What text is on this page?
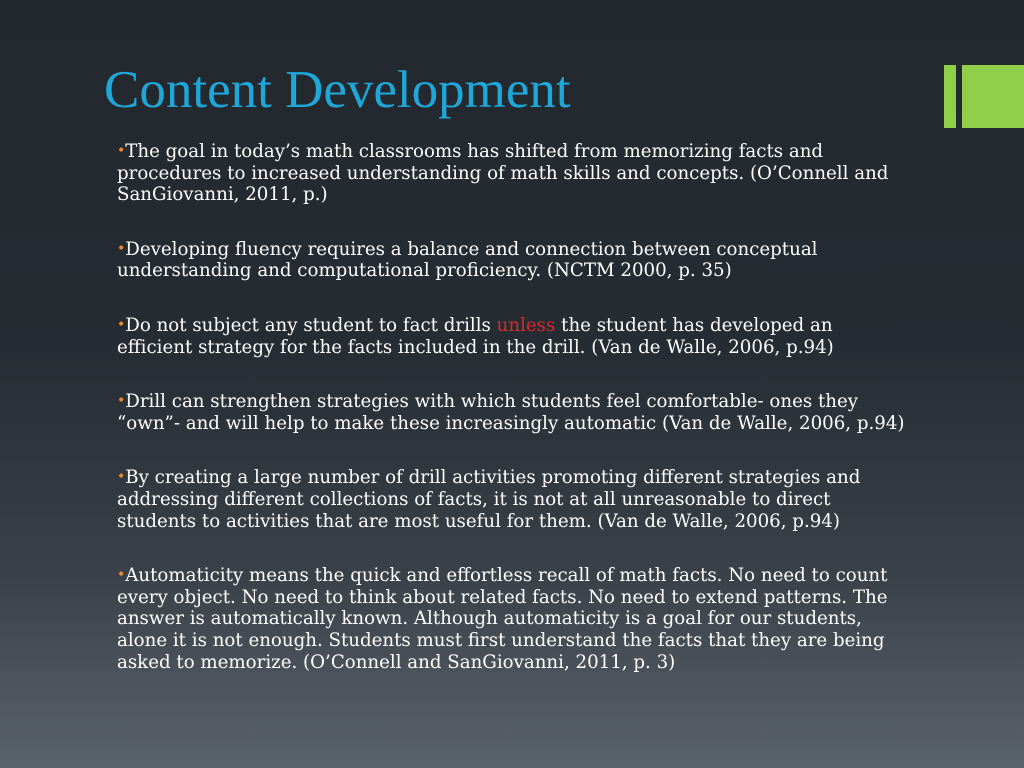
Content Development
•The goal in today’s math classrooms has shifted from memorizing facts and procedures to increased understanding of math skills and concepts. (O’Connell and SanGiovanni, 2011, p.)
•Developing fluency requires a balance and connection between conceptual understanding and computational proficiency. (NCTM 2000, p. 35)
•Do not subject any student to fact drills unless the student has developed an efficient strategy for the facts included in the drill. (Van de Walle, 2006, p.94)
•Drill can strengthen strategies with which students feel comfortable- ones they “own”- and will help to make these increasingly automatic (Van de Walle, 2006, p.94)
•By creating a large number of drill activities promoting different strategies and addressing different collections of facts, it is not at all unreasonable to direct students to activities that are most useful for them. (Van de Walle, 2006, p.94)
•Automaticity means the quick and effortless recall of math facts. No need to count every object. No need to think about related facts. No need to extend patterns. The answer is automatically known. Although automaticity is a goal for our students, alone it is not enough. Students must first understand the facts that they are being asked to memorize. (O’Connell and SanGiovanni, 2011, p. 3)
